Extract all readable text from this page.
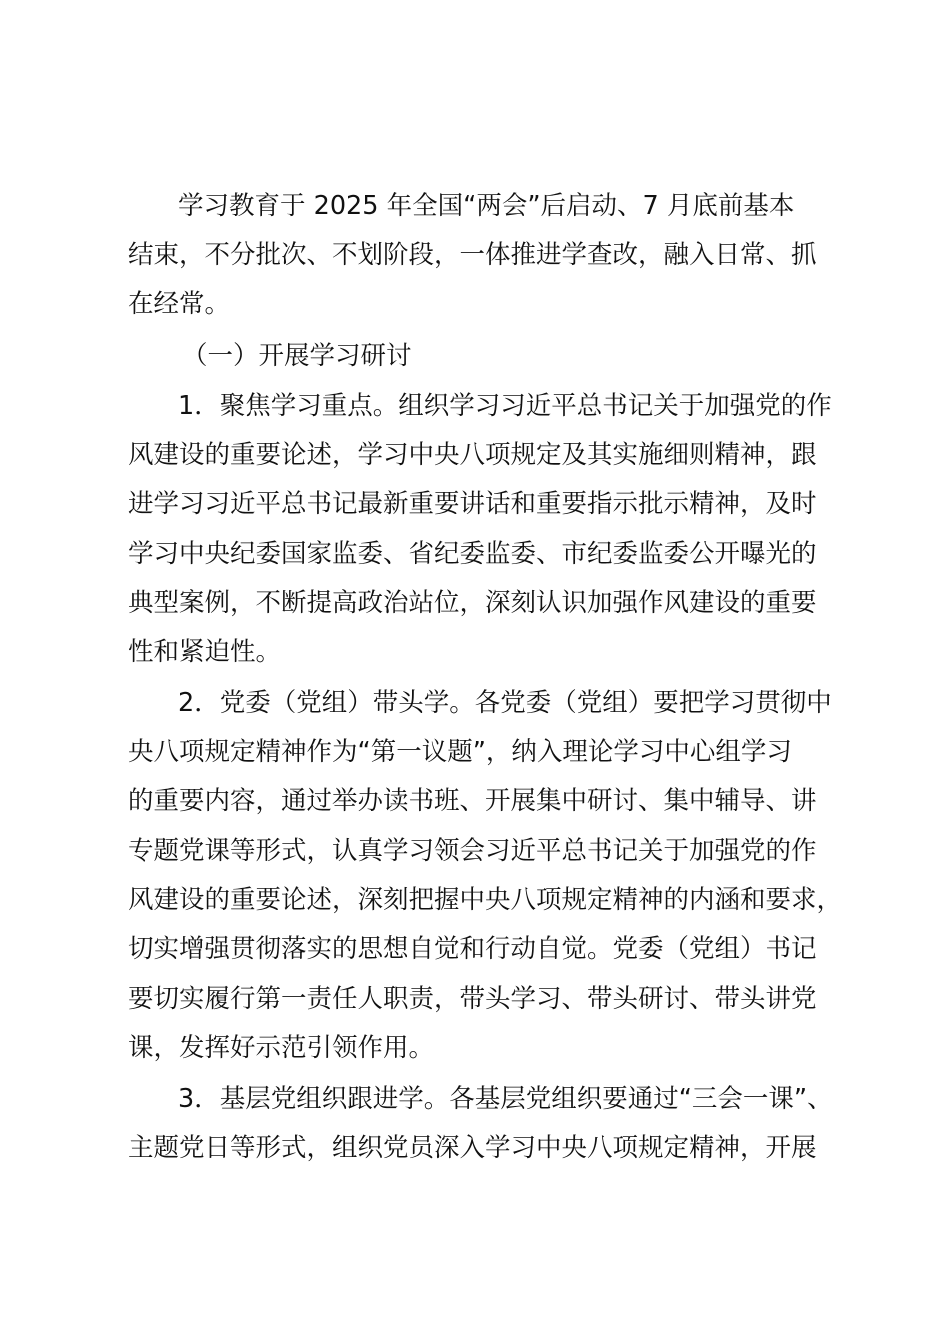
学习教育于 2025 年全国“两会”后启动、7 月底前基本
结束，不分批次、不划阶段，一体推进学查改，融入日常、抓
在经常。
（一）开展学习研讨
1．聚焦学习重点。组织学习习近平总书记关于加强党的作
风建设的重要论述，学习中央八项规定及其实施细则精神，跟
进学习习近平总书记最新重要讲话和重要指示批示精神，及时
学习中央纪委国家监委、省纪委监委、市纪委监委公开曝光的
典型案例，不断提高政治站位，深刻认识加强作风建设的重要
性和紧迫性。
2．党委（党组）带头学。各党委（党组）要把学习贯彻中
央八项规定精神作为“第一议题”，纳入理论学习中心组学习
的重要内容，通过举办读书班、开展集中研讨、集中辅导、讲
专题党课等形式，认真学习领会习近平总书记关于加强党的作
风建设的重要论述，深刻把握中央八项规定精神的内涵和要求，
切实增强贯彻落实的思想自觉和行动自觉。党委（党组）书记
要切实履行第一责任人职责，带头学习、带头研讨、带头讲党
课，发挥好示范引领作用。
3．基层党组织跟进学。各基层党组织要通过“三会一课”、
主题党日等形式，组织党员深入学习中央八项规定精神，开展
